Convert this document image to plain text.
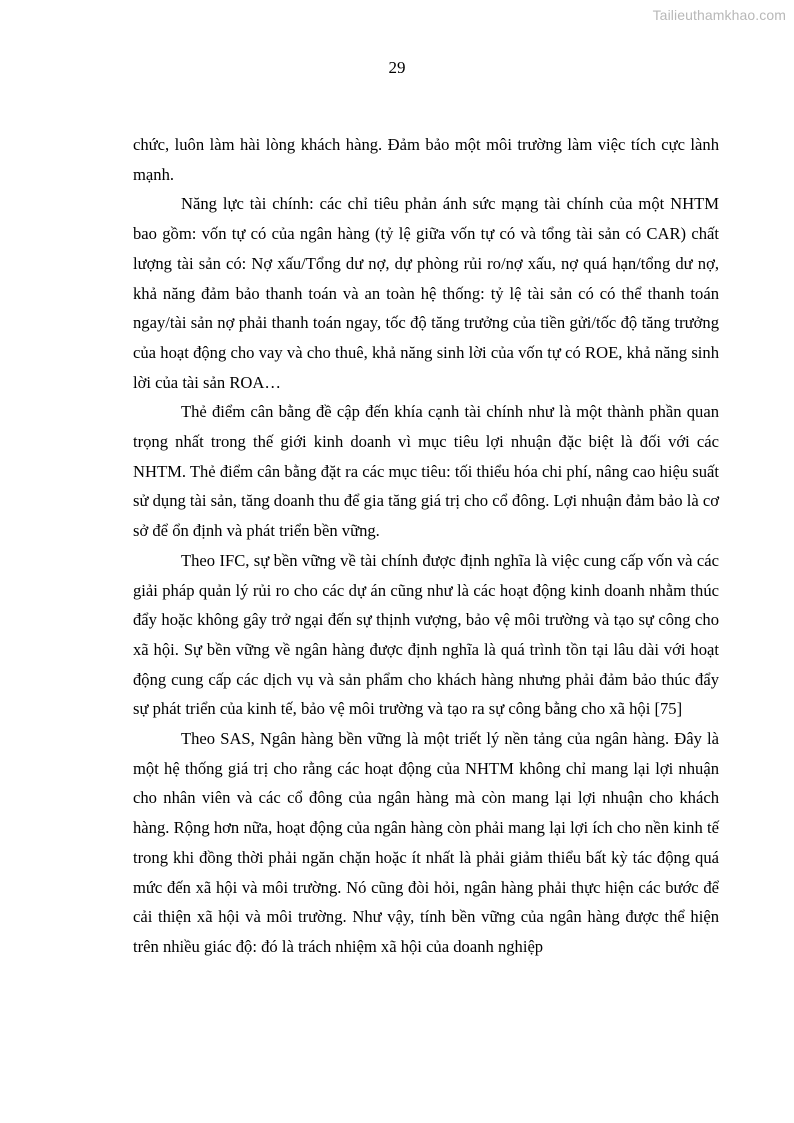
Tailieuthamkhao.com
29

chức, luôn làm hài lòng khách hàng. Đảm bảo một môi trường làm việc tích cực lành mạnh.

Năng lực tài chính: các chỉ tiêu phản ánh sức mạng tài chính của một NHTM bao gồm: vốn tự có của ngân hàng (tỷ lệ giữa vốn tự có và tổng tài sản có CAR) chất lượng tài sản có: Nợ xấu/Tổng dư nợ, dự phòng rủi ro/nợ xấu, nợ quá hạn/tổng dư nợ, khả năng đảm bảo thanh toán và an toàn hệ thống: tỷ lệ tài sản có có thể thanh toán ngay/tài sản nợ phải thanh toán ngay, tốc độ tăng trưởng của tiền gửi/tốc độ tăng trưởng của hoạt động cho vay và cho thuê, khả năng sinh lời của vốn tự có ROE, khả năng sinh lời của tài sản ROA…

Thẻ điểm cân bằng đề cập đến khía cạnh tài chính như là một thành phần quan trọng nhất trong thế giới kinh doanh vì mục tiêu lợi nhuận đặc biệt là đối với các NHTM. Thẻ điểm cân bằng đặt ra các mục tiêu: tối thiểu hóa chi phí, nâng cao hiệu suất sử dụng tài sản, tăng doanh thu để gia tăng giá trị cho cổ đông. Lợi nhuận đảm bảo là cơ sở để ổn định và phát triển bền vững.

Theo IFC, sự bền vững về tài chính được định nghĩa là việc cung cấp vốn và các giải pháp quản lý rủi ro cho các dự án cũng như là các hoạt động kinh doanh nhằm thúc đẩy hoặc không gây trở ngại đến sự thịnh vượng, bảo vệ môi trường và tạo sự công cho xã hội. Sự bền vững về ngân hàng được định nghĩa là quá trình tồn tại lâu dài với hoạt động cung cấp các dịch vụ và sản phẩm cho khách hàng nhưng phải đảm bảo thúc đẩy sự phát triển của kinh tế, bảo vệ môi trường và tạo ra sự công bằng cho xã hội [75]

Theo SAS, Ngân hàng bền vững là một triết lý nền tảng của ngân hàng. Đây là một hệ thống giá trị cho rằng các hoạt động của NHTM không chỉ mang lại lợi nhuận cho nhân viên và các cổ đông của ngân hàng mà còn mang lại lợi nhuận cho khách hàng. Rộng hơn nữa, hoạt động của ngân hàng còn phải mang lại lợi ích cho nền kinh tế trong khi đồng thời phải ngăn chặn hoặc ít nhất là phải giảm thiểu bất kỳ tác động quá mức đến xã hội và môi trường. Nó cũng đòi hỏi, ngân hàng phải thực hiện các bước để cải thiện xã hội và môi trường. Như vậy, tính bền vững của ngân hàng được thể hiện trên nhiều giác độ: đó là trách nhiệm xã hội của doanh nghiệp
